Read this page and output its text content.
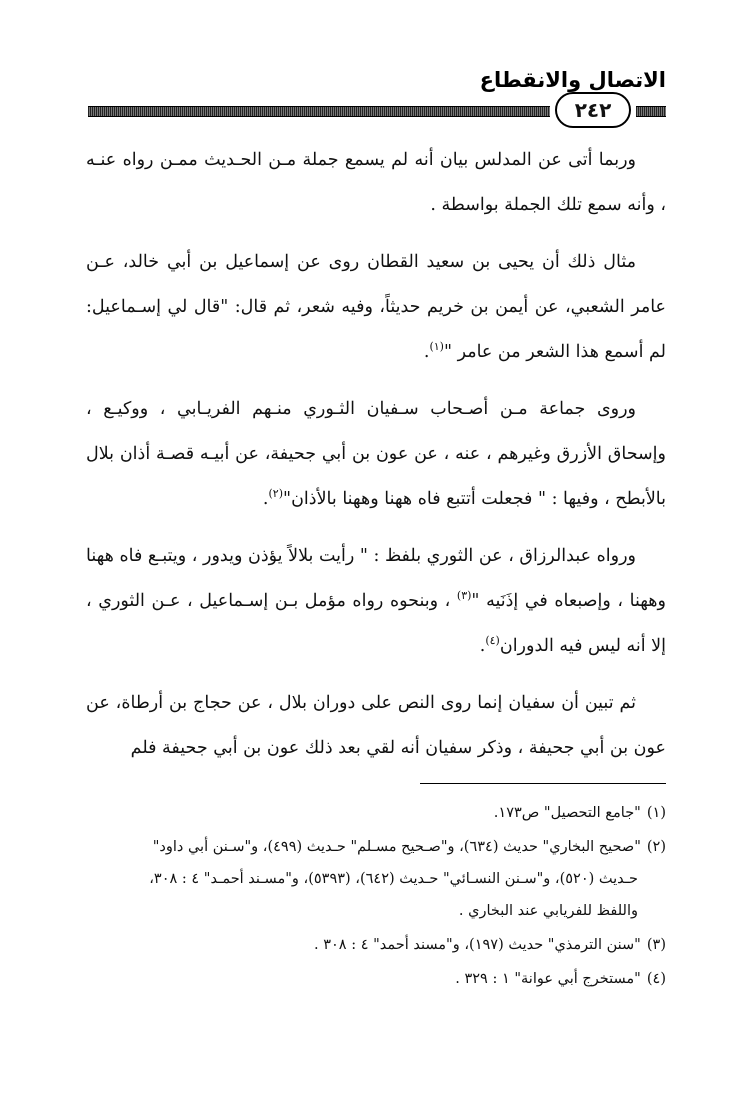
الاتصال والانقطاع
٢٤٢

وربما أتى عن المدلس بيان أنه لم يسمع جملة مـن الحـديث ممـن رواه عنـه ، وأنه سمع تلك الجملة بواسطة .

مثال ذلك أن يحيى بن سعيد القطان روى عن إسماعيل بن أبي خالد، عـن عامر الشعبي، عن أيمن بن خريم حديثاً، وفيه شعر، ثم قال: "قال لي إسـماعيل: لم أسمع هذا الشعر من عامر "$^{(١)}$.

وروى جماعة مـن أصـحاب سـفيان الثـوري منـهم الفريـابي ، ووكيـع ، وإسحاق الأزرق وغيرهم ، عنه ، عن عون بن أبي جحيفة، عن أبيـه قصـة أذان بلال بالأبطح ، وفيها : " فجعلت أتتبع فاه ههنا وههنا بالأذان"$^{(٢)}$.

ورواه عبدالرزاق ، عن الثوري بلفظ : " رأيت بلالاً يؤذن ويدور ، ويتبـع فاه ههنا وههنا ، وإصبعاه في إذَنَيه "$^{(٣)}$ ، وبنحوه رواه مؤمل بـن إسـماعيل ، عـن الثوري ، إلا أنه ليس فيه الدوران$^{(٤)}$.

ثم تبين أن سفيان إنما روى النص على دوران بلال ، عن حجاج بن أرطاة، عن عون بن أبي جحيفة ، وذكر سفيان أنه لقي بعد ذلك عون بن أبي جحيفة فلم

(١)"جامع التحصيل" ص١٧٣.
(٢)"صحيح البخاري" حديث (٦٣٤)، و"صـحيح مسـلم" حـديث (٤٩٩)، و"سـنن أبي داود"
حـديث (٥٢٠)، و"سـنن النسـائي" حـديث (٦٤٢)، (٥٣٩٣)، و"مسـند أحمـد" ٤ : ٣٠٨،
واللفظ للفريابي عند البخاري .
(٣)"سنن الترمذي" حديث (١٩٧)، و"مسند أحمد" ٤ : ٣٠٨ .
(٤)"مستخرج أبي عوانة" ١ : ٣٢٩ .
